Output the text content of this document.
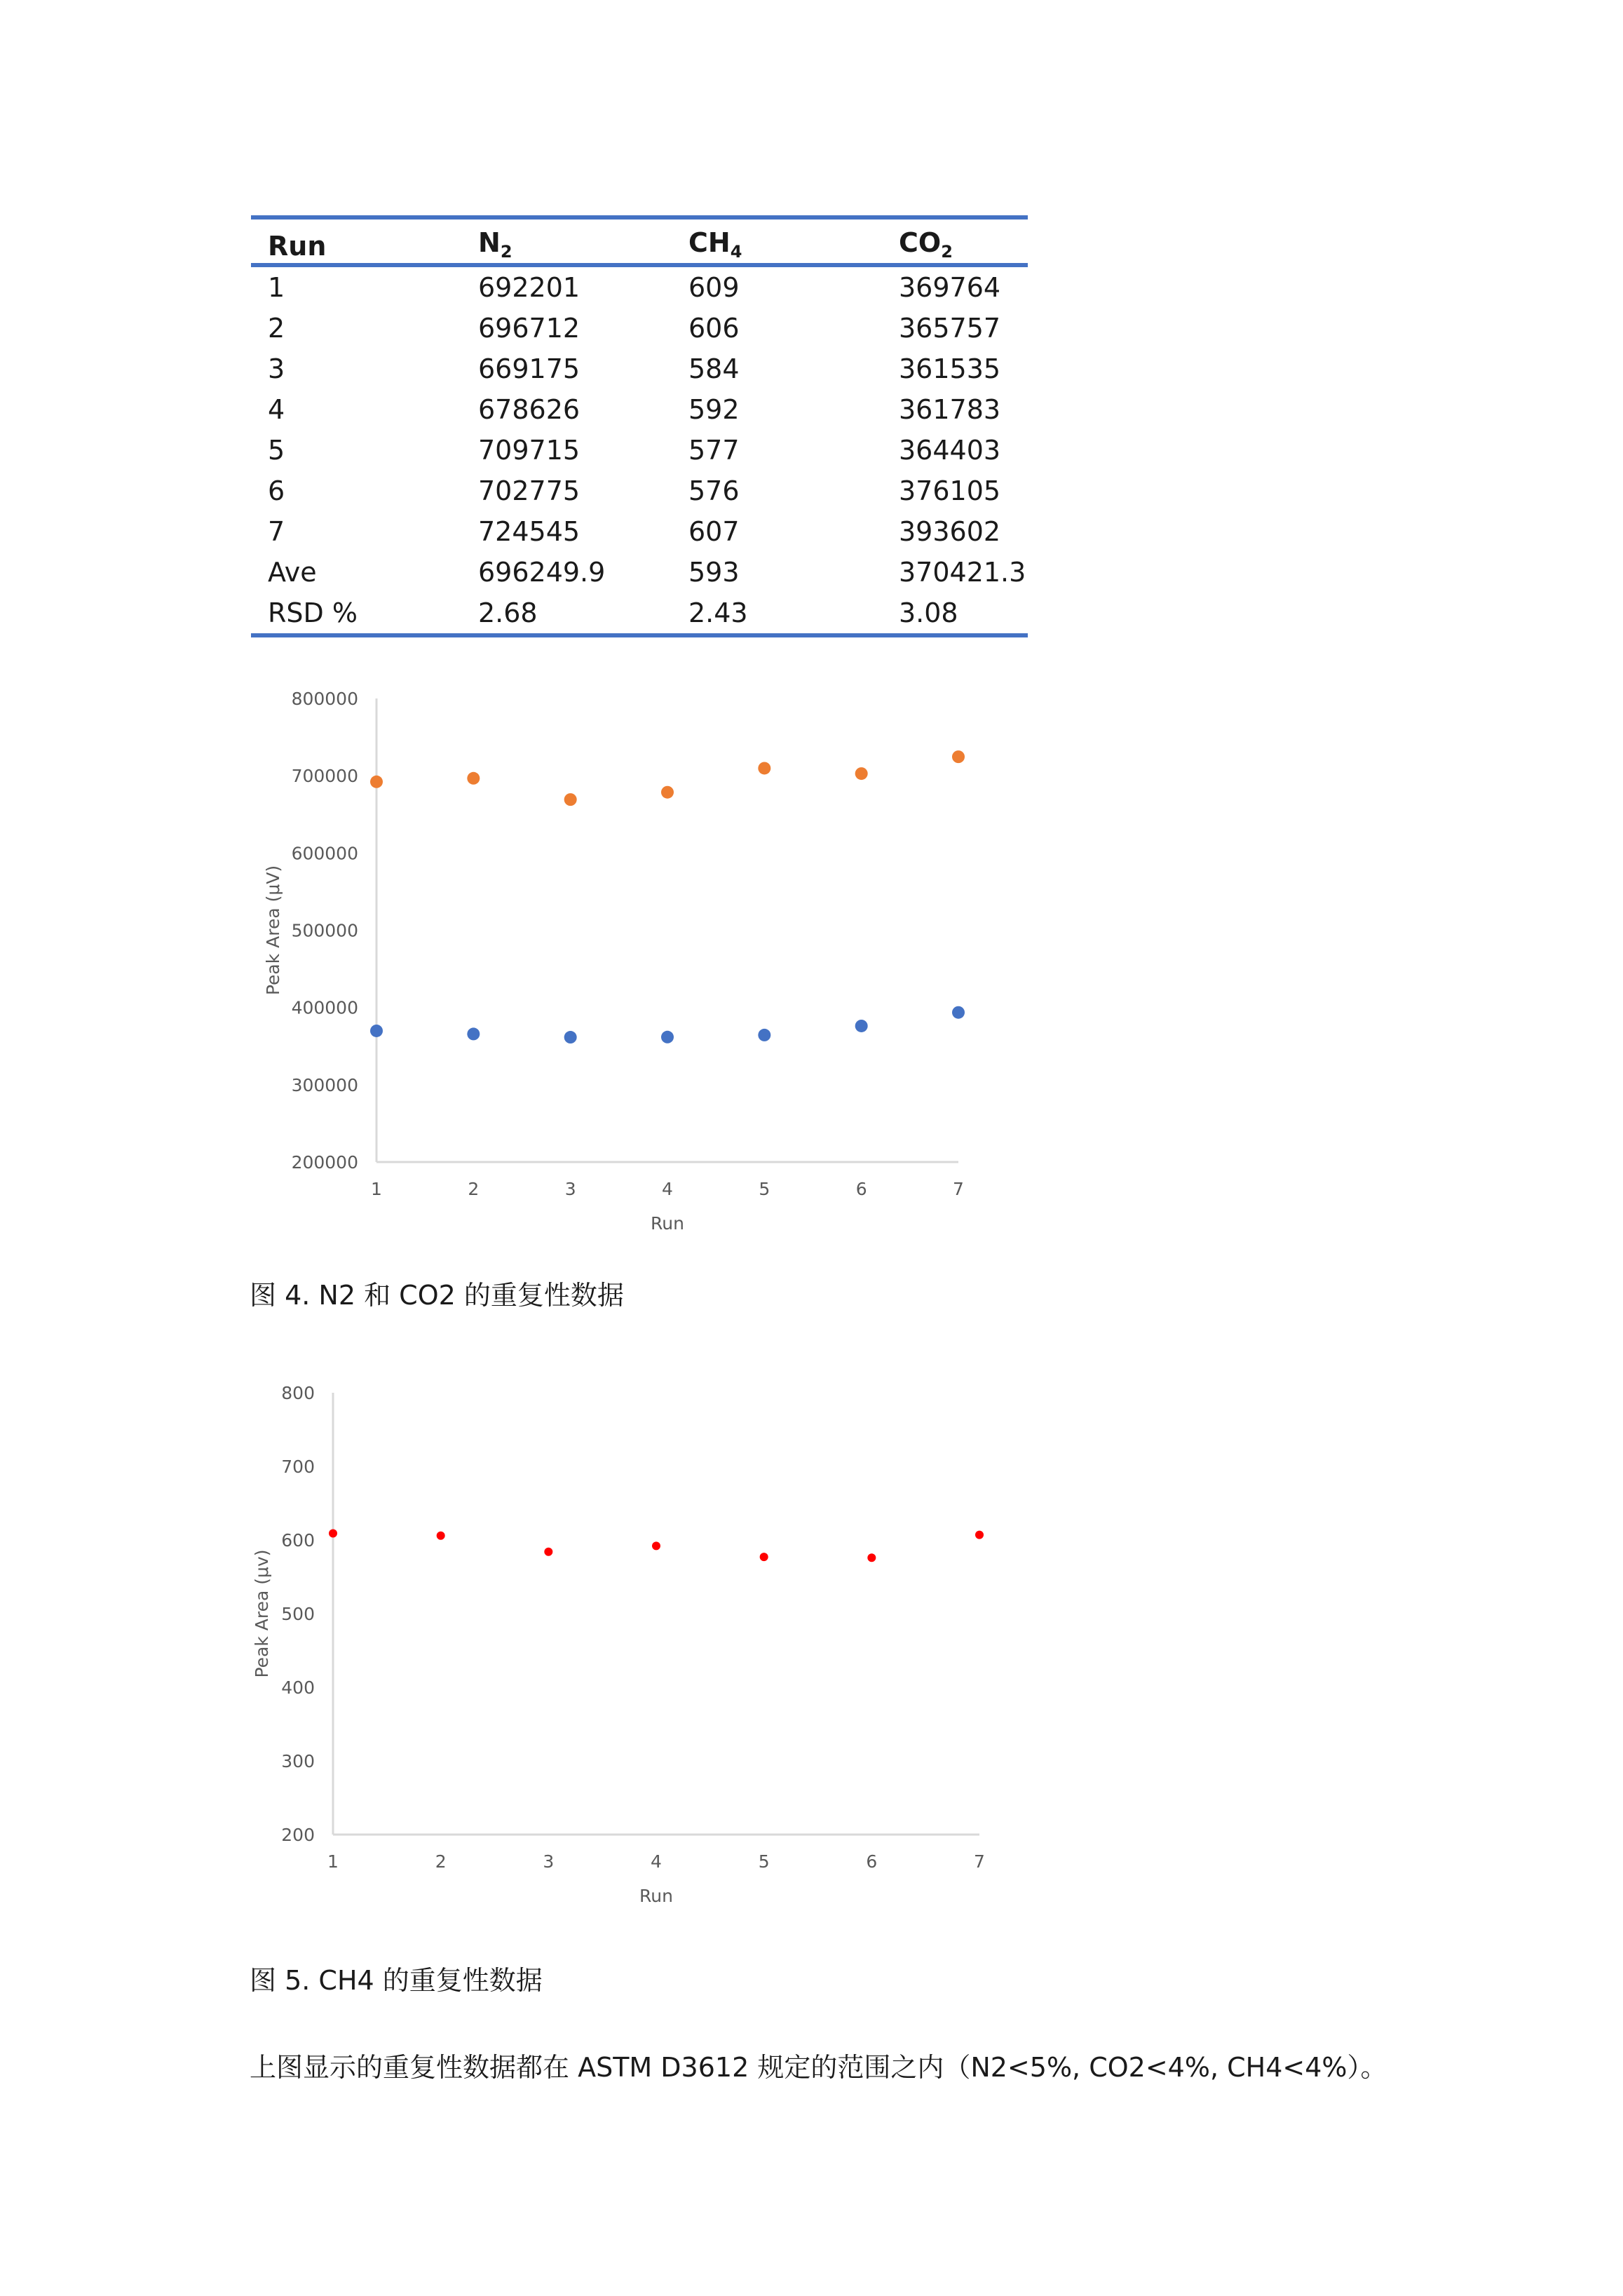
Run	$N_2$	$CH_4$	$CO_2$
1	692201	609	369764
2	696712	606	365757
3	669175	584	361535
4	678626	592	361783
5	709715	577	364403
6	702775	576	376105
7	724545	607	393602
Ave	696249.9	593	370421.3
RSD %	2.68	2.43	3.08
200000
300000
400000
500000
600000
700000
800000
1	2	3	4	5	6	7
Run
Peak Area (μV)
图 4. N2 和 CO2 的重复性数据
200
300
400
500
600
700
800
1	2	3	4	5	6	7
Run
Peak Area (μv)
图 5. CH4 的重复性数据

上图显示的重复性数据都在 ASTM D3612 规定的范围之内（N2<5%, CO2<4%, CH4<4%）。
